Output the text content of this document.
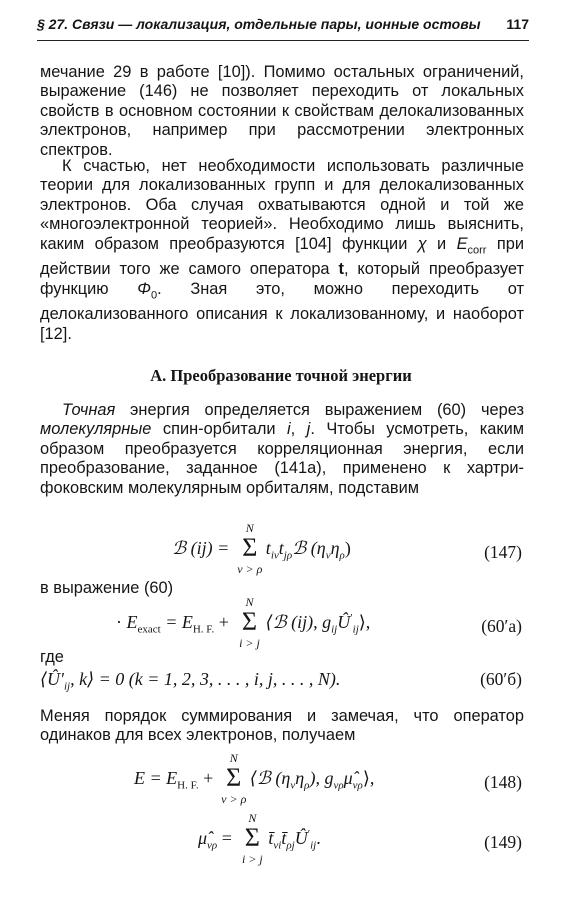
§ 27. Связи — локализация, отдельные пары, ионные остовы 117
мечание 29 в работе [10]). Помимо остальных ограничений, выражение (146) не позволяет переходить от локальных свойств в основном состоянии к свойствам делокализованных электронов, например при рассмотрении электронных спектров.
К счастью, нет необходимости использовать различные теории для локализованных групп и для делокализованных электронов. Оба случая охватываются одной и той же «многоэлектронной теорией». Необходимо лишь выяснить, каким образом преобразуются [104] функции χ и $E_{corr}$ при действии того же самого оператора t, который преобразует функцию $\Phi_0$. Зная это, можно переходить от делокализованного описания к локализованному, и наоборот [12].
А. Преобразование точной энергии
Точная энергия определяется выражением (60) через молекулярные спин-орбитали i, j. Чтобы усмотреть, каким образом преобразуется корреляционная энергия, если преобразование, заданное (141а), применено к хартри-фоковским молекулярным орбиталям, подставим
ℬ (ij) =
N
Σ
ν > ρ
$t_{i\nu}t_{j\rho}ℬ$ $(\eta_\nu\eta_\rho)$	(147)
в выражение (60)
· $E_{exact} = E_{H. F.}$ +
N
Σ
i > j
⟨ℬ (ij), $g_{ij}Û'_{ij}⟩$,	(60′а)
где
$⟨Û'_{ij}$, k⟩ = 0 (k = 1, 2, 3, . . . , i, j, . . . , N).	(60′б)
Меняя порядок суммирования и замечая, что оператор одинаков для всех электронов, получаем
$E = E_{H. F.}$ +
N
Σ
ν > ρ
⟨ℬ $(\eta_\nu\eta_\rho)$, $g_{\nu\rho}\mû_{\nu\rho}⟩$,	(148)
$\mû_{\nu\rho}$ =
N
Σ
i > j
$t̄_{\nu i}t̄_{\rho j}Û'_{ij}$.	(149)
